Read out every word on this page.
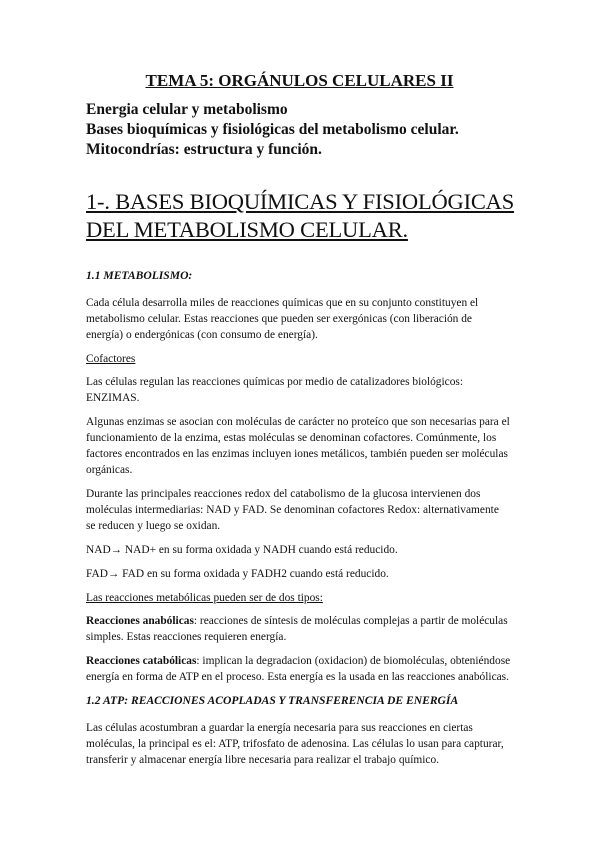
TEMA 5: ORGÁNULOS CELULARES II
Energia celular y metabolismo
Bases bioquímicas y fisiológicas del metabolismo celular.
Mitocondrías: estructura y función.
1-. BASES BIOQUÍMICAS Y FISIOLÓGICAS
DEL METABOLISMO CELULAR.
1.1 METABOLISMO:
Cada célula desarrolla miles de reacciones químicas que en su conjunto constituyen el metabolismo celular. Estas reacciones que pueden ser exergónicas (con liberación de energía) o endergónicas (con consumo de energía).
Cofactores
Las células regulan las reacciones químicas por medio de catalizadores biológicos: ENZIMAS.
Algunas enzimas se asocian con moléculas de carácter no proteíco que son necesarias para el funcionamiento de la enzima, estas moléculas se denominan cofactores. Comúnmente, los factores encontrados en las enzimas incluyen iones metálicos, también pueden ser moléculas orgánicas.
Durante las principales reacciones redox del catabolismo de la glucosa intervienen dos moléculas intermediarias: NAD y FAD. Se denominan cofactores Redox: alternativamente se reducen y luego se oxidan.
NAD→ NAD+ en su forma oxidada y NADH cuando está reducido.
FAD→ FAD en su forma oxidada y FADH2 cuando está reducido.
Las reacciones metabólicas pueden ser de dos tipos:
Reacciones anabólicas: reacciones de síntesis de moléculas complejas a partir de moléculas simples. Estas reacciones requieren energía.
Reacciones catabólicas: implican la degradacion (oxidacion) de biomoléculas, obteniéndose energía en forma de ATP en el proceso. Esta energía es la usada en las reacciones anabólicas.
1.2 ATP: REACCIONES ACOPLADAS Y TRANSFERENCIA DE ENERGÍA
Las células acostumbran a guardar la energía necesaria para sus reacciones en ciertas moléculas, la principal es el: ATP, trifosfato de adenosina. Las células lo usan para capturar, transferir y almacenar energía libre necesaria para realizar el trabajo químico.
